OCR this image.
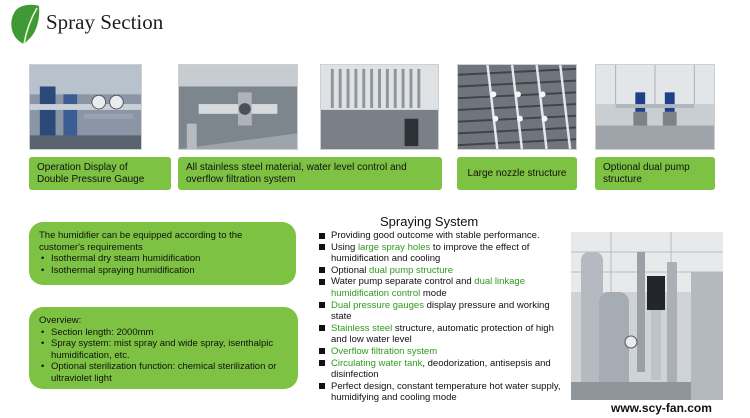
Spray Section
Operation Display of
Double Pressure Gauge
All stainless steel material, water level control and
overflow filtration system
Large nozzle structure
Optional dual pump structure
The humidifier can be equipped according to the customer's requirements
• Isothermal dry steam humidification
• Isothermal spraying humidification
Overview:
• Section length: 2000mm
• Spray system: mist spray and wide spray, isenthalpic humidification, etc.
• Optional sterilization function: chemical sterilization or ultraviolet light
Spraying System
Providing good outcome with stable performance.
Using large spray holes to improve the effect of humidification and cooling
Optional dual pump structure
Water pump separate control and dual linkage humidification control mode
Dual pressure gauges display pressure and working state
Stainless steel structure, automatic protection of high and low water level
Overflow filtration system
Circulating water tank, deodorization, antisepsis and disinfection
Perfect design, constant temperature hot water supply, humidifying and cooling mode
www.scy-fan.com
